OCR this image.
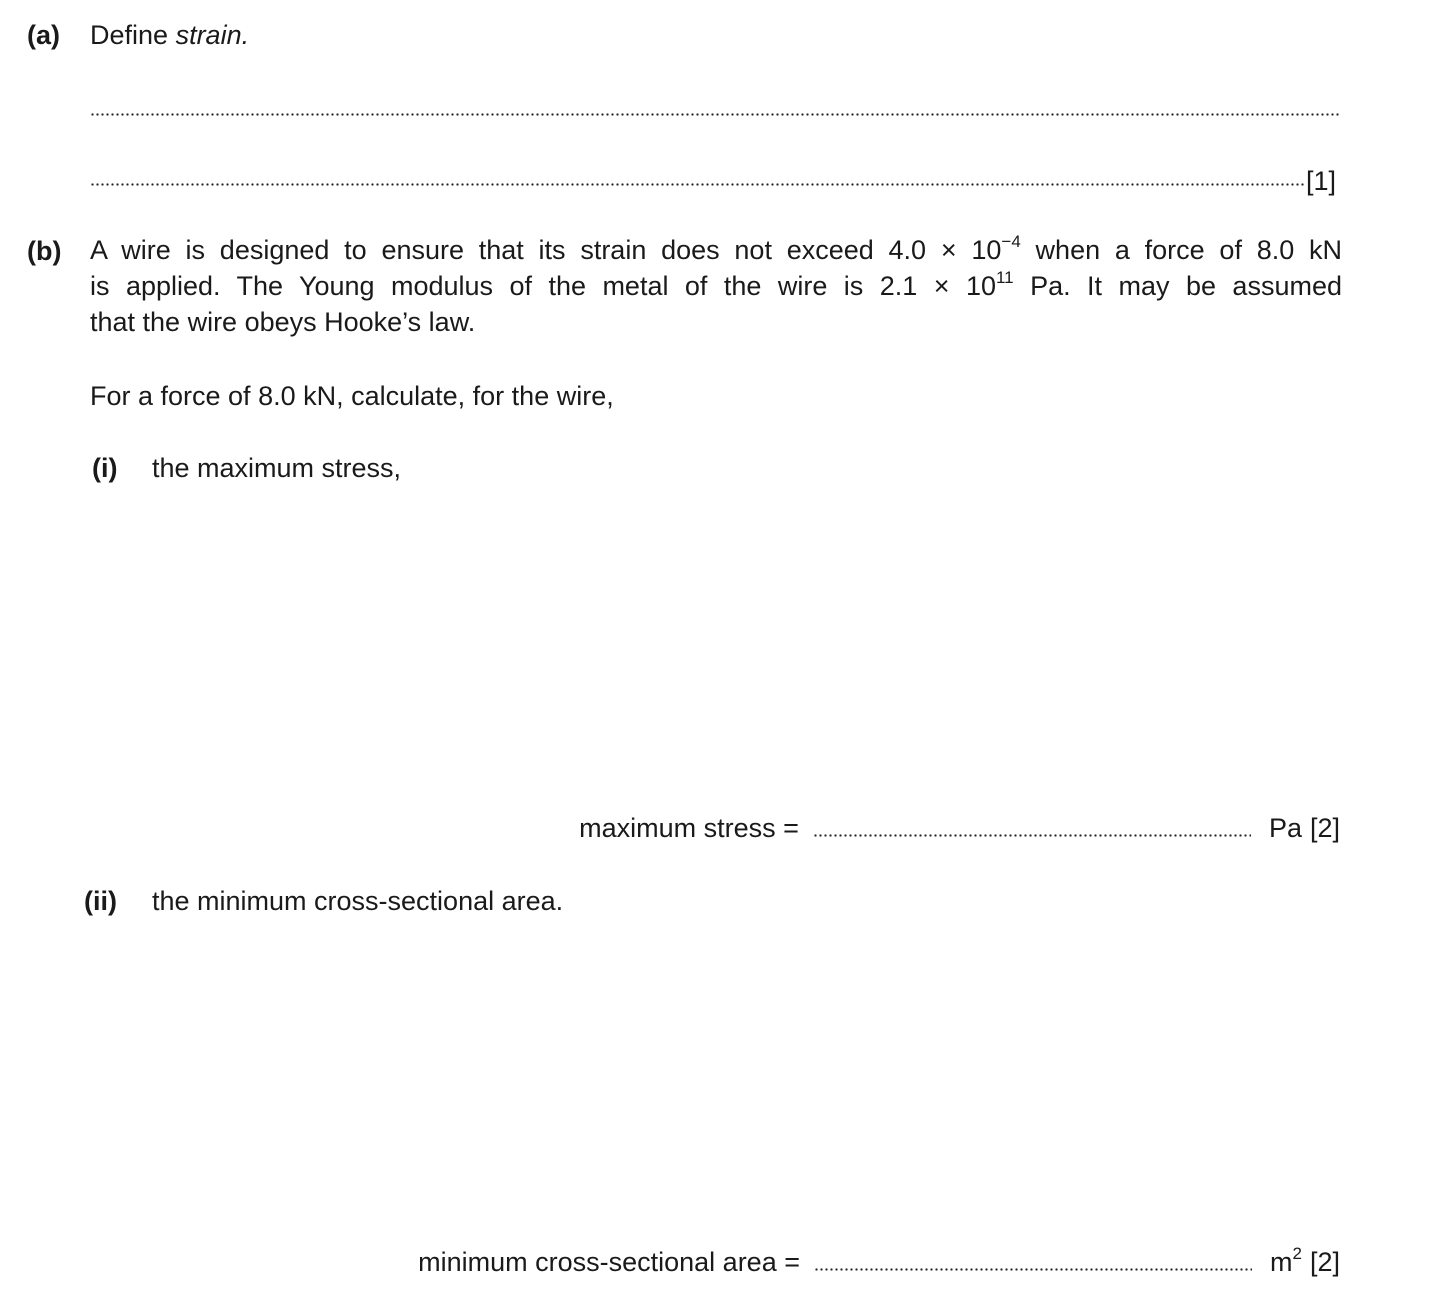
(a) Define strain.
[1]
(b) A wire is designed to ensure that its strain does not exceed $4.0 \times 10^{-4}$ when a force of 8.0 kN
is applied. The Young modulus of the metal of the wire is $2.1 \times 10^{11}$ Pa. It may be assumed
that the wire obeys Hooke’s law.
For a force of 8.0 kN, calculate, for the wire,
(i) the maximum stress,
maximum stress =	Pa [2]
(ii) the minimum cross-sectional area.
minimum cross-sectional area =	$m^2$ [2]
